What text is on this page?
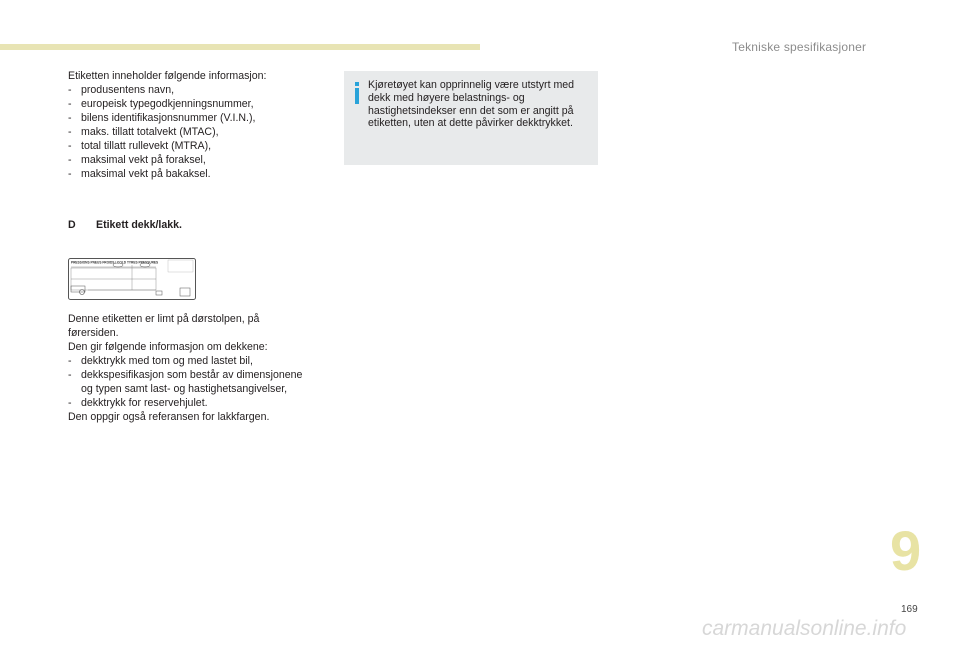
Tekniske spesifikasjoner
Etiketten inneholder følgende informasjon:
- produsentens navn,
- europeisk typegodkjenningsnummer,
- bilens identifikasjonsnummer (V.I.N.),
- maks. tillatt totalvekt (MTAC),
- total tillatt rullevekt (MTRA),
- maksimal vekt på foraksel,
- maksimal vekt på bakaksel.
Kjøretøyet kan opprinnelig være utstyrt med dekk med høyere belastnings- og hastighetsindekser enn det som er angitt på etiketten, uten at dette påvirker dekktrykket.
D Etikett dekk/lakk.
PRESSIONS PNEUS FROIDS / COLD TYRES PRESSURES
Denne etiketten er limt på dørstolpen, på førersiden.
Den gir følgende informasjon om dekkene:
- dekktrykk med tom og med lastet bil,
- dekkspesifikasjon som består av dimensjonene og typen samt last- og hastighetsangivelser,
- dekktrykk for reservehjulet.
Den oppgir også referansen for lakkfargen.
9
169
carmanualsonline.info
